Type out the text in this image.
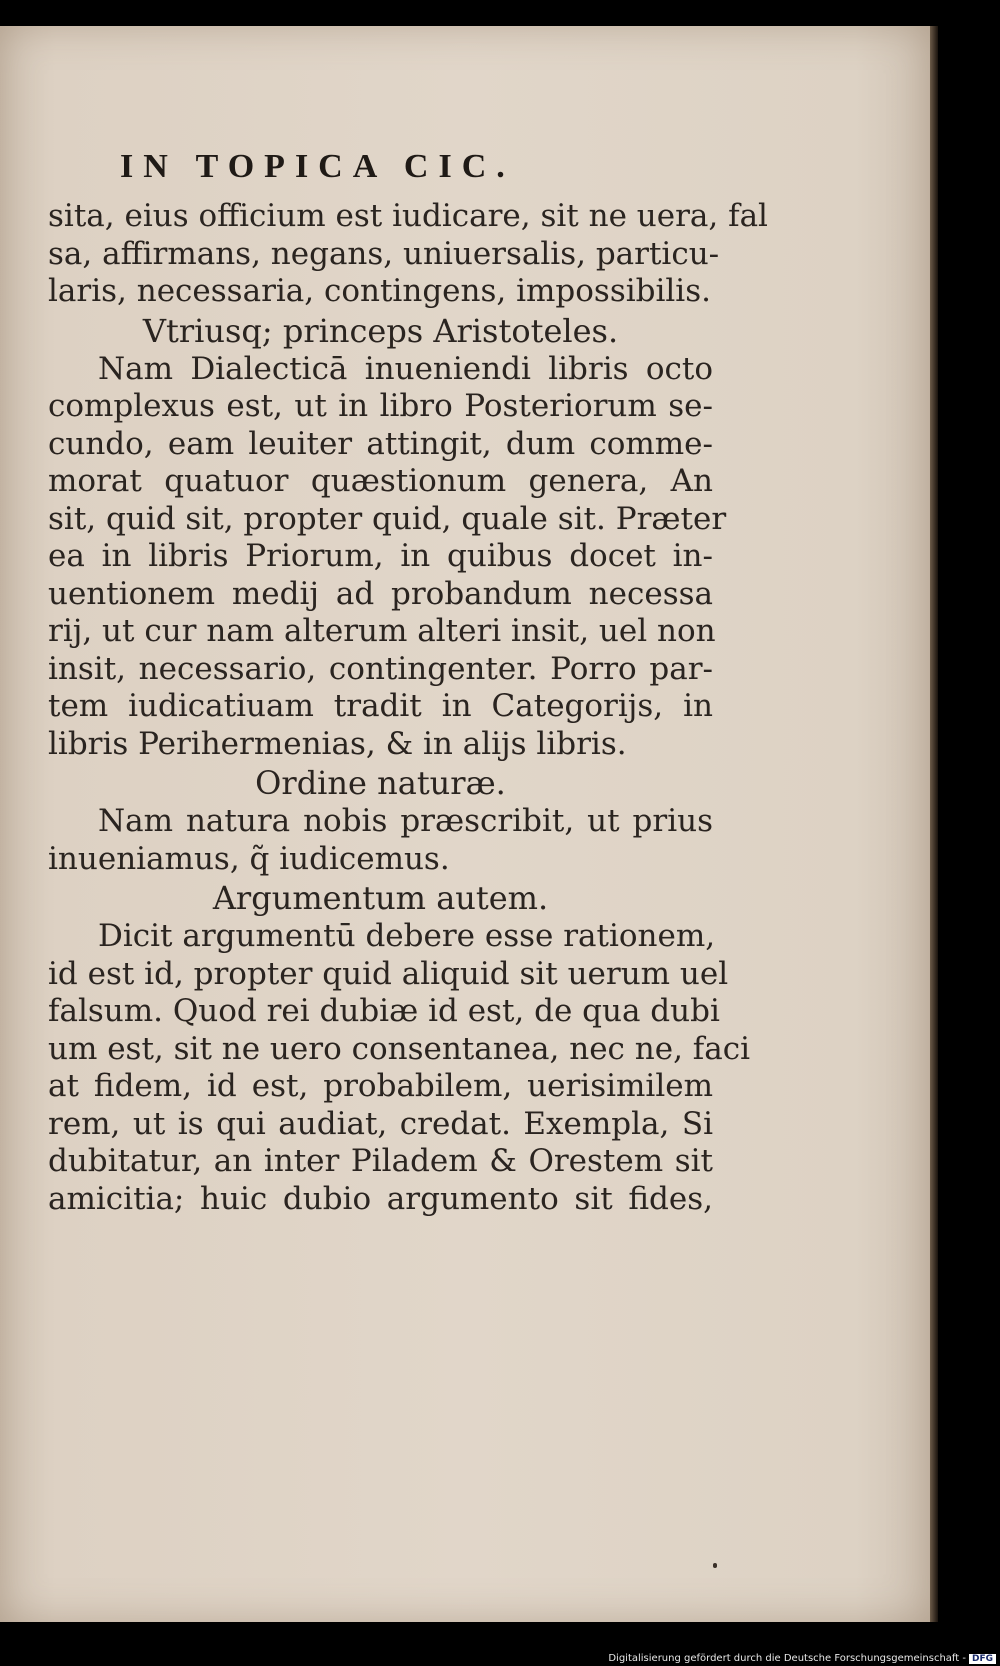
IN TOPICA CIC.
sita, eius officium est iudicare, sit ne uera, fal
sa, affirmans, negans, uniuersalis, particu-
laris, necessaria, contingens, impossibilis.
Vtriusq; princeps Aristoteles.
Nam Dialecticā inueniendi libris octo
complexus est, ut in libro Posteriorum se-
cundo, eam leuiter attingit, dum comme-
morat quatuor quæstionum genera, An
sit, quid sit, propter quid, quale sit. Præter
ea in libris Priorum, in quibus docet in-
uentionem medij ad probandum necessa
rij, ut cur nam alterum alteri insit, uel non
insit, necessario, contingenter. Porro par-
tem iudicatiuam tradit in Categorijs, in
libris Perihermenias, & in alijs libris.
Ordine naturæ.
Nam natura nobis præscribit, ut prius
inueniamus, q̃ iudicemus.
Argumentum autem.
Dicit argumentū debere esse rationem,
id est id, propter quid aliquid sit uerum uel
falsum. Quod rei dubiæ id est, de qua dubi
um est, sit ne uero consentanea, nec ne, faci
at fidem, id est, probabilem, uerisimilem
rem, ut is qui audiat, credat. Exempla, Si
dubitatur, an inter Piladem & Orestem sit
amicitia; huic dubio argumento sit fides,
Digitalisierung gefördert durch die Deutsche Forschungsgemeinschaft - DFG
